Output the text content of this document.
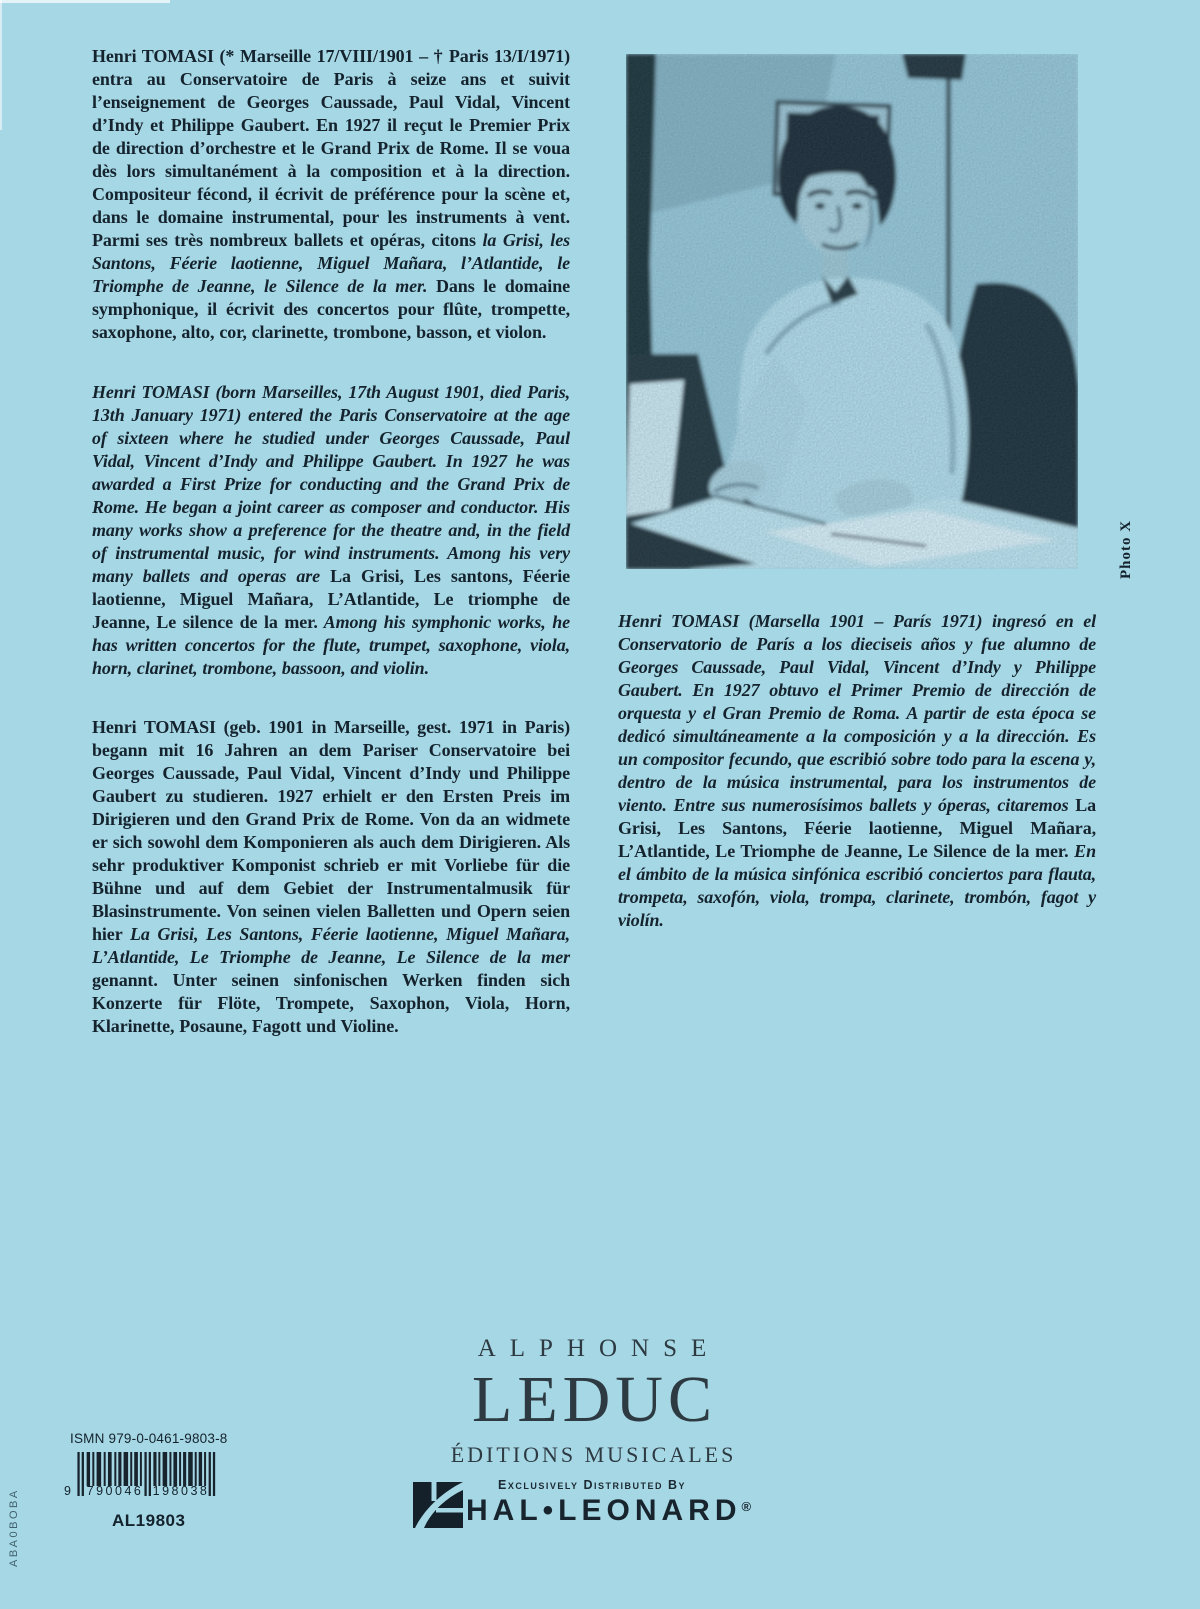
Henri TOMASI (* Marseille 17/VIII/1901 – † Paris 13/I/1971) entra au Conservatoire de Paris à seize ans et suivit l’enseignement de Georges Caussade, Paul Vidal, Vincent d’Indy et Philippe Gaubert. En 1927 il reçut le Premier Prix de direction d’orchestre et le Grand Prix de Rome. Il se voua dès lors simultanément à la composition et à la direction. Compositeur fécond, il écrivit de préférence pour la scène et, dans le domaine instrumental, pour les instruments à vent. Parmi ses très nombreux ballets et opéras, citons la Grisi, les Santons, Féerie laotienne, Miguel Mañara, l’Atlantide, le Triomphe de Jeanne, le Silence de la mer. Dans le domaine symphonique, il écrivit des concertos pour flûte, trompette, saxophone, alto, cor, clarinette, trombone, basson, et violon.
Henri TOMASI (born Marseilles, 17th August 1901, died Paris, 13th January 1971) entered the Paris Conservatoire at the age of sixteen where he studied under Georges Caussade, Paul Vidal, Vincent d’Indy and Philippe Gaubert. In 1927 he was awarded a First Prize for conducting and the Grand Prix de Rome. He began a joint career as composer and conductor. His many works show a preference for the theatre and, in the field of instrumental music, for wind instruments. Among his very many ballets and operas are La Grisi, Les santons, Féerie laotienne, Miguel Mañara, L’Atlantide, Le triomphe de Jeanne, Le silence de la mer. Among his symphonic works, he has written concertos for the flute, trumpet, saxophone, viola, horn, clarinet, trombone, bassoon, and violin.
Henri TOMASI (geb. 1901 in Marseille, gest. 1971 in Paris) begann mit 16 Jahren an dem Pariser Conservatoire bei Georges Caussade, Paul Vidal, Vincent d’Indy und Philippe Gaubert zu studieren. 1927 erhielt er den Ersten Preis im Dirigieren und den Grand Prix de Rome. Von da an widmete er sich sowohl dem Komponieren als auch dem Dirigieren. Als sehr produktiver Komponist schrieb er mit Vorliebe für die Bühne und auf dem Gebiet der Instrumentalmusik für Blasinstrumente. Von seinen vielen Balletten und Opern seien hier La Grisi, Les Santons, Féerie laotienne, Miguel Mañara, L’Atlantide, Le Triomphe de Jeanne, Le Silence de la mer genannt. Unter seinen sinfonischen Werken finden sich Konzerte für Flöte, Trompete, Saxophon, Viola, Horn, Klarinette, Posaune, Fagott und Violine.
Henri TOMASI (Marsella 1901 – París 1971) ingresó en el Conservatorio de París a los dieciseis años y fue alumno de Georges Caussade, Paul Vidal, Vincent d’Indy y Philippe Gaubert. En 1927 obtuvo el Primer Premio de dirección de orquesta y el Gran Premio de Roma. A partir de esta época se dedicó simultáneamente a la composición y a la dirección. Es un compositor fecundo, que escribió sobre todo para la escena y, dentro de la música instrumental, para los instrumentos de viento. Entre sus numerosísimos ballets y óperas, citaremos La Grisi, Les Santons, Féerie laotienne, Miguel Mañara, L’Atlantide, Le Triomphe de Jeanne, Le Silence de la mer. En el ámbito de la música sinfónica escribió conciertos para flauta, trompeta, saxofón, viola, trompa, clarinete, trombón, fagot y violín.
Photo X
ALPHONSE
LEDUC
ÉDITIONS MUSICALES
Exclusively Distributed By
HAL•LEONARD®
ISMN 979-0-0461-9803-8
9 790046 198038
AL19803
ABA0BOBA
